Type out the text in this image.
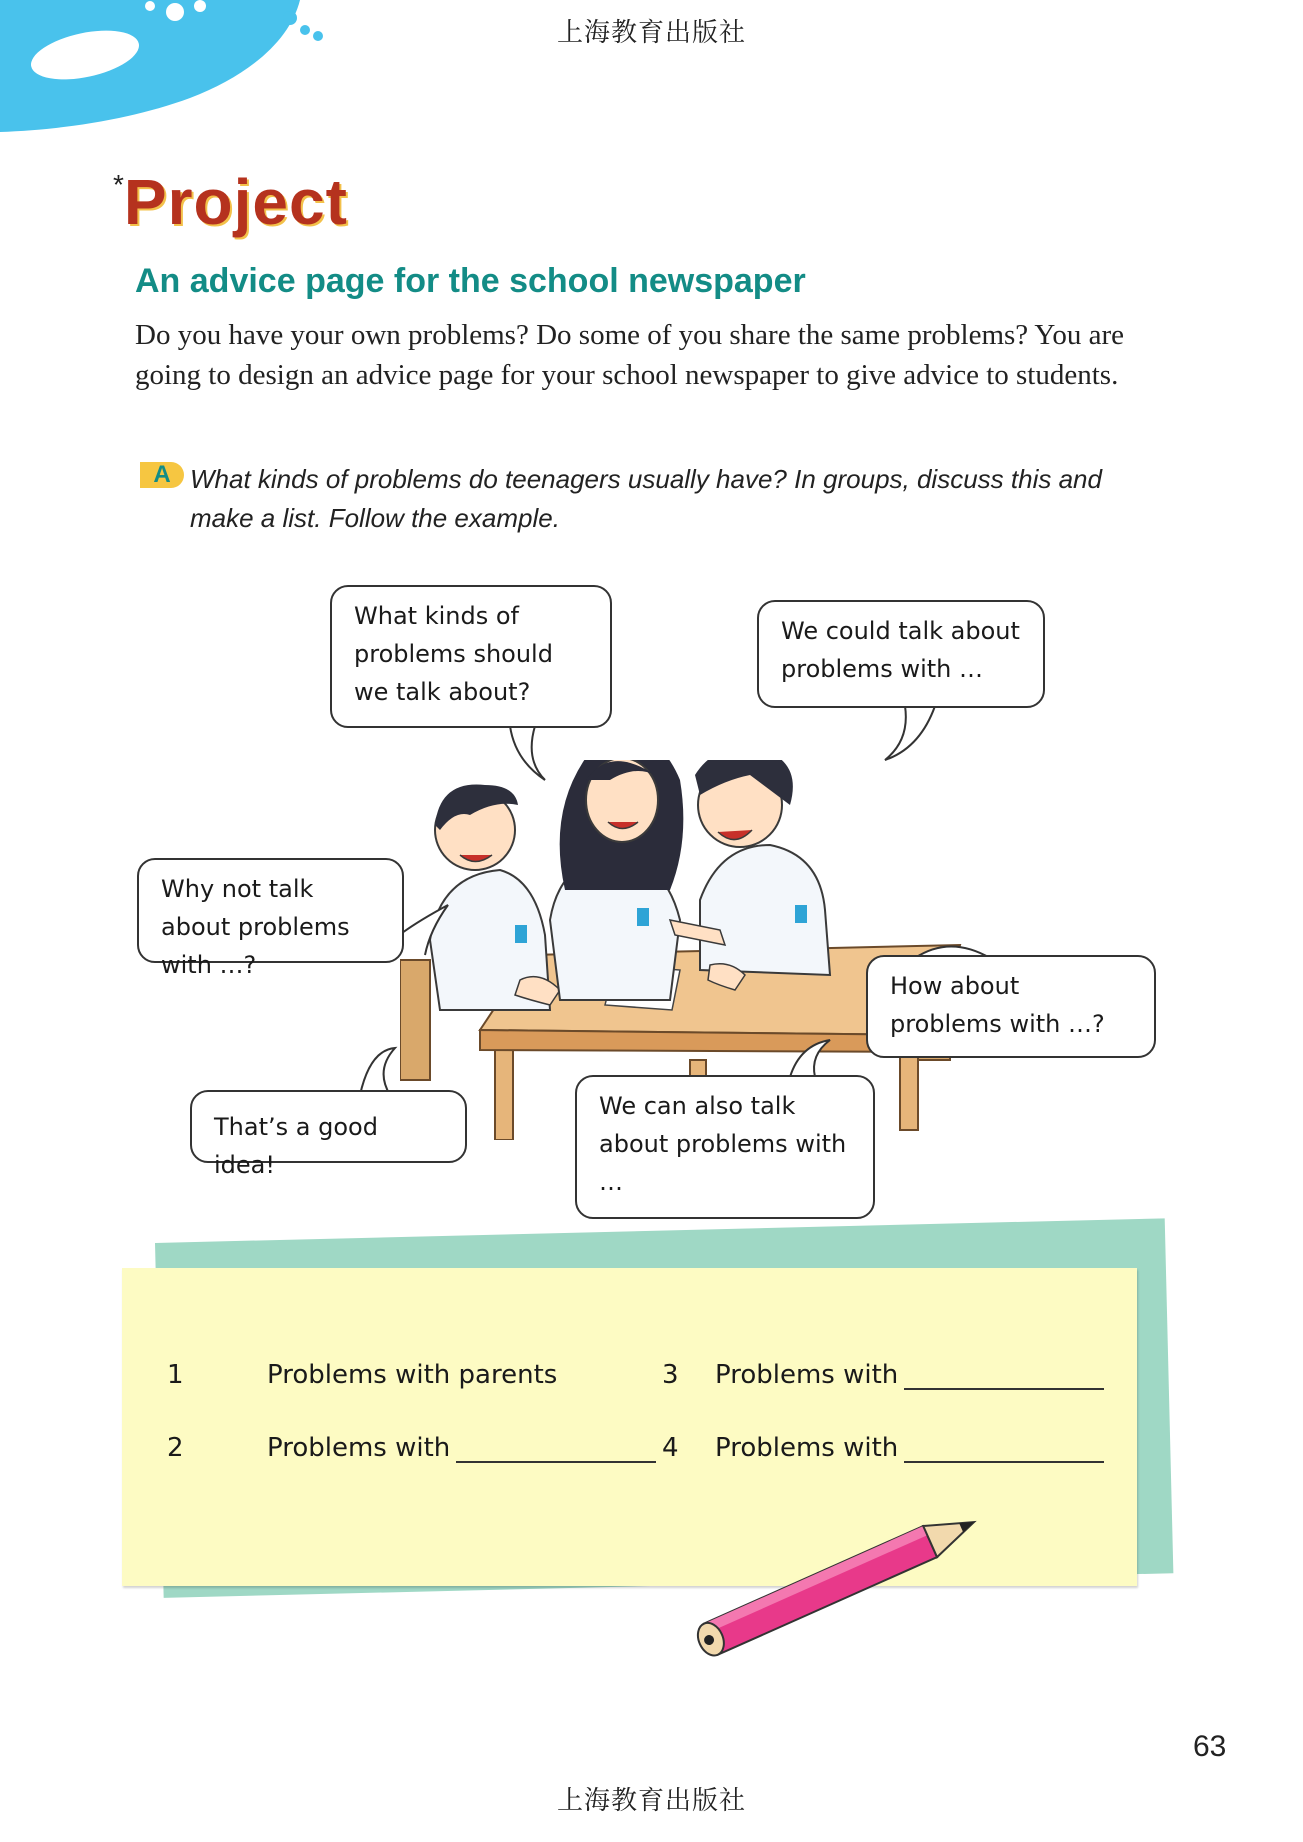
上海教育出版社
*Project
An advice page for the school newspaper
Do you have your own problems? Do some of you share the same problems? You are going to design an advice page for your school newspaper to give advice to students.
A What kinds of problems do teenagers usually have? In groups, discuss this and make a list. Follow the example.
What kinds of problems should we talk about?
We could talk about problems with …
Why not talk about problems with …?
How about problems with …?
That’s a good idea!
We can also talk about problems with …
1	Problems with parents
2	Problems with
3	Problems with
4	Problems with
63
上海教育出版社
